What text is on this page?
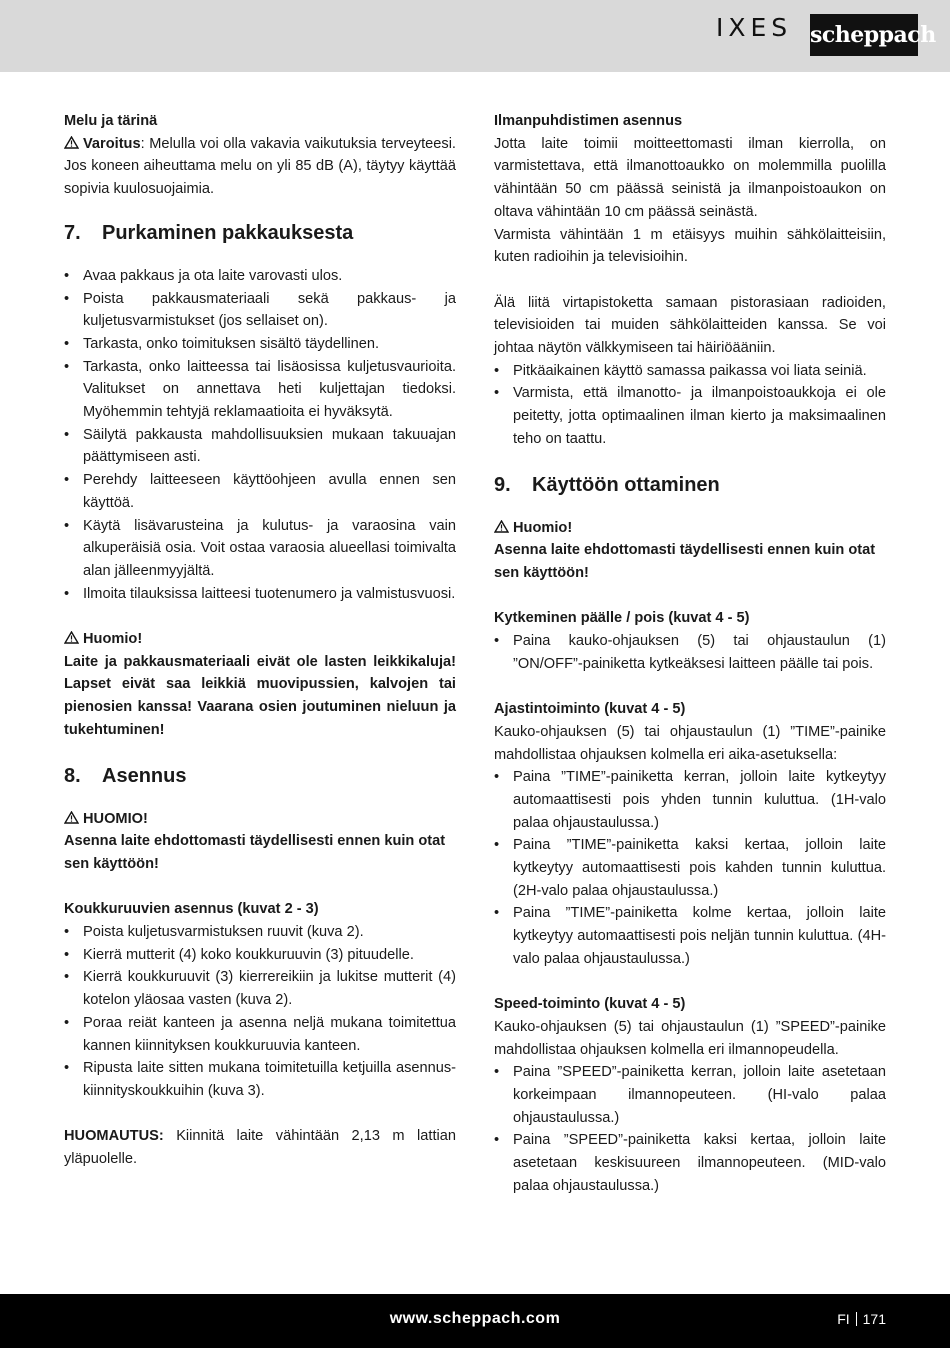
IXES scheppach
Melu ja tärinä
Varoitus: Melulla voi olla vakavia vaikutuksia terveyteesi. Jos koneen aiheuttama melu on yli 85 dB (A), täytyy käyttää sopivia kuulosuojaimia.
7. Purkaminen pakkauksesta
• Avaa pakkaus ja ota laite varovasti ulos.
• Poista pakkausmateriaali sekä pakkaus- ja kuljetusvarmistukset (jos sellaiset on).
• Tarkasta, onko toimituksen sisältö täydellinen.
• Tarkasta, onko laitteessa tai lisäosissa kuljetusvaurioita. Valitukset on annettava heti kuljettajan tiedoksi. Myöhemmin tehtyjä reklamaatioita ei hyväksytä.
• Säilytä pakkausta mahdollisuuksien mukaan takuuajan päättymiseen asti.
• Perehdy laitteeseen käyttöohjeen avulla ennen sen käyttöä.
• Käytä lisävarusteina ja kulutus- ja varaosina vain alkuperäisiä osia. Voit ostaa varaosia alueellasi toimivalta alan jälleenmyyjältä.
• Ilmoita tilauksissa laitteesi tuotenumero ja valmistusvuosi.
Huomio!
Laite ja pakkausmateriaali eivät ole lasten leikkikaluja! Lapset eivät saa leikkiä muovipussien, kalvojen tai pienosien kanssa! Vaarana osien joutuminen nieluun ja tukehtuminen!
8. Asennus
HUOMIO!
Asenna laite ehdottomasti täydellisesti ennen kuin otat sen käyttöön!
Koukkuruuvien asennus (kuvat 2 - 3)
• Poista kuljetusvarmistuksen ruuvit (kuva 2).
• Kierrä mutterit (4) koko koukkuruuvin (3) pituudelle.
• Kierrä koukkuruuvit (3) kierrereikiin ja lukitse mutterit (4) kotelon yläosaa vasten (kuva 2).
• Poraa reiät kanteen ja asenna neljä mukana toimitettua kannen kiinnityksen koukkuruuvia kanteen.
• Ripusta laite sitten mukana toimitetuilla ketjuilla asennus-kiinnityskoukkuihin (kuva 3).
HUOMAUTUS: Kiinnitä laite vähintään 2,13 m lattian yläpuolelle.
Ilmanpuhdistimen asennus
Jotta laite toimii moitteettomasti ilman kierrolla, on varmistettava, että ilmanottoaukko on molemmilla puolilla vähintään 50 cm päässä seinistä ja ilmanpoistoaukon on oltava vähintään 10 cm päässä seinästä.
Varmista vähintään 1 m etäisyys muihin sähkölaitteisiin, kuten radioihin ja televisioihin.
Älä liitä virtapistoketta samaan pistorasiaan radioiden, televisioiden tai muiden sähkölaitteiden kanssa. Se voi johtaa näytön välkkymiseen tai häiriöääniin.
• Pitkäaikainen käyttö samassa paikassa voi liata seiniä.
• Varmista, että ilmanotto- ja ilmanpoistoaukkoja ei ole peitetty, jotta optimaalinen ilman kierto ja maksimaalinen teho on taattu.
9. Käyttöön ottaminen
Huomio!
Asenna laite ehdottomasti täydellisesti ennen kuin otat sen käyttöön!
Kytkeminen päälle / pois (kuvat 4 - 5)
• Paina kauko-ohjauksen (5) tai ohjaustaulun (1) ”ON/OFF”-painiketta kytkeäksesi laitteen päälle tai pois.
Ajastintoiminto (kuvat 4 - 5)
Kauko-ohjauksen (5) tai ohjaustaulun (1) ”TIME”-painike mahdollistaa ohjauksen kolmella eri aika-asetuksella:
• Paina ”TIME”-painiketta kerran, jolloin laite kytkeytyy automaattisesti pois yhden tunnin kuluttua. (1H-valo palaa ohjaustaulussa.)
• Paina ”TIME”-painiketta kaksi kertaa, jolloin laite kytkeytyy automaattisesti pois kahden tunnin kuluttua. (2H-valo palaa ohjaustaulussa.)
• Paina ”TIME”-painiketta kolme kertaa, jolloin laite kytkeytyy automaattisesti pois neljän tunnin kuluttua. (4H-valo palaa ohjaustaulussa.)
Speed-toiminto (kuvat 4 - 5)
Kauko-ohjauksen (5) tai ohjaustaulun (1) ”SPEED”-painike mahdollistaa ohjauksen kolmella eri ilmannopeudella.
• Paina ”SPEED”-painiketta kerran, jolloin laite asetetaan korkeimpaan ilmannopeuteen. (HI-valo palaa ohjaustaulussa.)
• Paina ”SPEED”-painiketta kaksi kertaa, jolloin laite asetetaan keskisuureen ilmannopeuteen. (MID-valo palaa ohjaustaulussa.)
www.scheppach.com	FI 171
